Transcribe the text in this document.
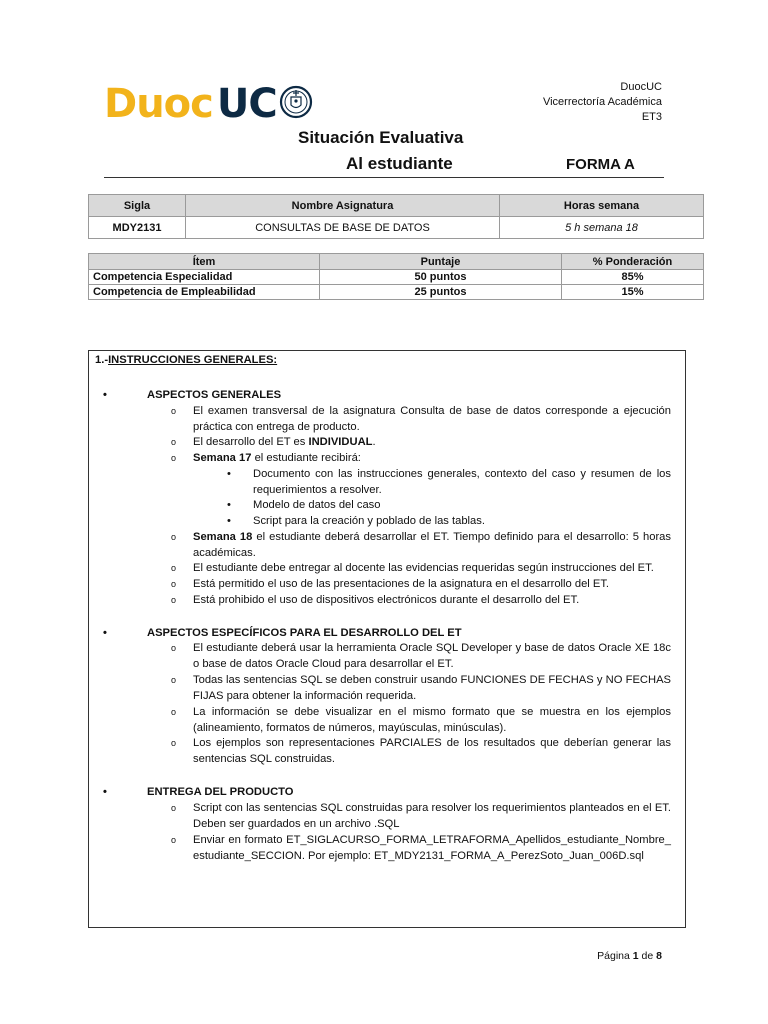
Duoc UC	DuocUC
Vicerrectoría Académica
ET3
Situación Evaluativa
Al estudiante	FORMA A
Sigla	Nombre Asignatura	Horas semana
MDY2131	CONSULTAS DE BASE DE DATOS	5 h semana 18
Ítem	Puntaje	% Ponderación
Competencia Especialidad	50 puntos	85%
Competencia de Empleabilidad	25 puntos	15%
1.-INSTRUCCIONES GENERALES:
•	ASPECTOS GENERALES
o	El examen transversal de la asignatura Consulta de base de datos corresponde a ejecución práctica con entrega de producto.
o	El desarrollo del ET es INDIVIDUAL.
o	Semana 17 el estudiante recibirá:
•	Documento con las instrucciones generales, contexto del caso y resumen de los requerimientos a resolver.
•	Modelo de datos del caso
•	Script para la creación y poblado de las tablas.
o	Semana 18 el estudiante deberá desarrollar el ET. Tiempo definido para el desarrollo: 5 horas académicas.
o	El estudiante debe entregar al docente las evidencias requeridas según instrucciones del ET.
o	Está permitido el uso de las presentaciones de la asignatura en el desarrollo del ET.
o	Está prohibido el uso de dispositivos electrónicos durante el desarrollo del ET.
•	ASPECTOS ESPECÍFICOS PARA EL DESARROLLO DEL ET
o	El estudiante deberá usar la herramienta Oracle SQL Developer y base de datos Oracle XE 18c o base de datos Oracle Cloud para desarrollar el ET.
o	Todas las sentencias SQL se deben construir usando FUNCIONES DE FECHAS y NO FECHAS FIJAS para obtener la información requerida.
o	La información se debe visualizar en el mismo formato que se muestra en los ejemplos (alineamiento, formatos de números, mayúsculas, minúsculas).
o	Los ejemplos son representaciones PARCIALES de los resultados que deberían generar las sentencias SQL construidas.
•	ENTREGA DEL PRODUCTO
o	Script con las sentencias SQL construidas para resolver los requerimientos planteados en el ET. Deben ser guardados en un archivo .SQL
o	Enviar en formato ET_SIGLACURSO_FORMA_LETRAFORMA_Apellidos_estudiante_Nombre_estudiante_SECCION. Por ejemplo: ET_MDY2131_FORMA_A_PerezSoto_Juan_006D.sql
Página 1 de 8
